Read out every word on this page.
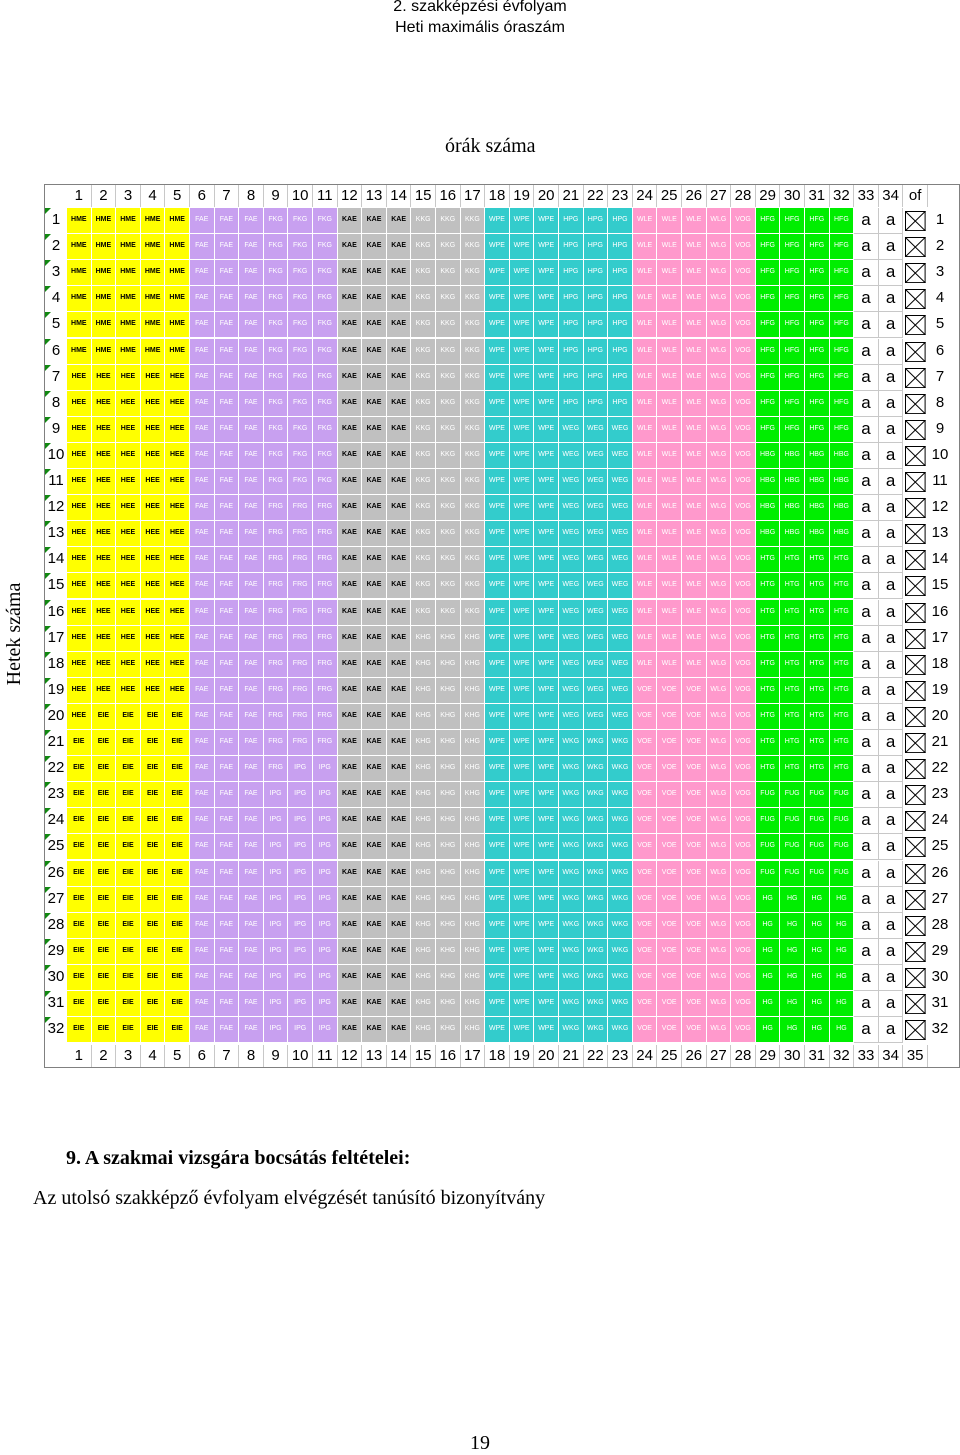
2. szakképzési évfolyam
Heti maximális óraszám
órák száma
Hetek száma
1	2	3	4	5	6	7	8	9 10 11 12 13 14 15 16 17 18 19 20 21 22 23 24 25 26 27 28 29 30 31 32 33 34 of
1	HME	HME	HME	HME	HME	FAE	FAE	FAE	FKG	FKG	FKG	KAE	KAE	KAE	KKG	KKG	KKG	WPE	WPE	WPE	HPG	HPG	HPG	WLE	WLE	WLE	WLG	VOG	HFG	HFG	HFG	HFG a a	1
2	HME	HME	HME	HME	HME	FAE	FAE	FAE	FKG	FKG	FKG	KAE	KAE	KAE	KKG	KKG	KKG	WPE	WPE	WPE	HPG	HPG	HPG	WLE	WLE	WLE	WLG	VOG	HFG	HFG	HFG	HFG a a	2
3	HME	HME	HME	HME	HME	FAE	FAE	FAE	FKG	FKG	FKG	KAE	KAE	KAE	KKG	KKG	KKG	WPE	WPE	WPE	HPG	HPG	HPG	WLE	WLE	WLE	WLG	VOG	HFG	HFG	HFG	HFG a a	3
4	HME	HME	HME	HME	HME	FAE	FAE	FAE	FKG	FKG	FKG	KAE	KAE	KAE	KKG	KKG	KKG	WPE	WPE	WPE	HPG	HPG	HPG	WLE	WLE	WLE	WLG	VOG	HFG	HFG	HFG	HFG a a	4
5	HME	HME	HME	HME	HME	FAE	FAE	FAE	FKG	FKG	FKG	KAE	KAE	KAE	KKG	KKG	KKG	WPE	WPE	WPE	HPG	HPG	HPG	WLE	WLE	WLE	WLG	VOG	HFG	HFG	HFG	HFG a a	5
6	HME	HME	HME	HME	HME	FAE	FAE	FAE	FKG	FKG	FKG	KAE	KAE	KAE	KKG	KKG	KKG	WPE	WPE	WPE	HPG	HPG	HPG	WLE	WLE	WLE	WLG	VOG	HFG	HFG	HFG	HFG a a	6
7	HEE	HEE	HEE	HEE	HEE	FAE	FAE	FAE	FKG	FKG	FKG	KAE	KAE	KAE	KKG	KKG	KKG	WPE	WPE	WPE	HPG	HPG	HPG	WLE	WLE	WLE	WLG	VOG	HFG	HFG	HFG	HFG a a	7
8	HEE	HEE	HEE	HEE	HEE	FAE	FAE	FAE	FKG	FKG	FKG	KAE	KAE	KAE	KKG	KKG	KKG	WPE	WPE	WPE	HPG	HPG	HPG	WLE	WLE	WLE	WLG	VOG	HFG	HFG	HFG	HFG a a	8
9	HEE	HEE	HEE	HEE	HEE	FAE	FAE	FAE	FKG	FKG	FKG	KAE	KAE	KAE	KKG	KKG	KKG	WPE	WPE	WPE	WEG	WEG	WEG	WLE	WLE	WLE	WLG	VOG	HFG	HFG	HFG	HFG a a	9
10	HEE	HEE	HEE	HEE	HEE	FAE	FAE	FAE	FKG	FKG	FKG	KAE	KAE	KAE	KKG	KKG	KKG	WPE	WPE	WPE	WEG	WEG	WEG	WLE	WLE	WLE	WLG	VOG	HBG	HBG	HBG	HBG a a	10
11	HEE	HEE	HEE	HEE	HEE	FAE	FAE	FAE	FKG	FKG	FKG	KAE	KAE	KAE	KKG	KKG	KKG	WPE	WPE	WPE	WEG	WEG	WEG	WLE	WLE	WLE	WLG	VOG	HBG	HBG	HBG	HBG a a	11
12	HEE	HEE	HEE	HEE	HEE	FAE	FAE	FAE	FRG	FRG	FRG	KAE	KAE	KAE	KKG	KKG	KKG	WPE	WPE	WPE	WEG	WEG	WEG	WLE	WLE	WLE	WLG	VOG	HBG	HBG	HBG	HBG a a	12
13	HEE	HEE	HEE	HEE	HEE	FAE	FAE	FAE	FRG	FRG	FRG	KAE	KAE	KAE	KKG	KKG	KKG	WPE	WPE	WPE	WEG	WEG	WEG	WLE	WLE	WLE	WLG	VOG	HBG	HBG	HBG	HBG a a	13
14	HEE	HEE	HEE	HEE	HEE	FAE	FAE	FAE	FRG	FRG	FRG	KAE	KAE	KAE	KKG	KKG	KKG	WPE	WPE	WPE	WEG	WEG	WEG	WLE	WLE	WLE	WLG	VOG	HTG	HTG	HTG	HTG a a	14
15	HEE	HEE	HEE	HEE	HEE	FAE	FAE	FAE	FRG	FRG	FRG	KAE	KAE	KAE	KKG	KKG	KKG	WPE	WPE	WPE	WEG	WEG	WEG	WLE	WLE	WLE	WLG	VOG	HTG	HTG	HTG	HTG a a	15
16	HEE	HEE	HEE	HEE	HEE	FAE	FAE	FAE	FRG	FRG	FRG	KAE	KAE	KAE	KKG	KKG	KKG	WPE	WPE	WPE	WEG	WEG	WEG	WLE	WLE	WLE	WLG	VOG	HTG	HTG	HTG	HTG a a	16
17	HEE	HEE	HEE	HEE	HEE	FAE	FAE	FAE	FRG	FRG	FRG	KAE	KAE	KAE	KHG	KHG	KHG	WPE	WPE	WPE	WEG	WEG	WEG	WLE	WLE	WLE	WLG	VOG	HTG	HTG	HTG	HTG a a	17
18	HEE	HEE	HEE	HEE	HEE	FAE	FAE	FAE	FRG	FRG	FRG	KAE	KAE	KAE	KHG	KHG	KHG	WPE	WPE	WPE	WEG	WEG	WEG	WLE	WLE	WLE	WLG	VOG	HTG	HTG	HTG	HTG a a	18
19	HEE	HEE	HEE	HEE	HEE	FAE	FAE	FAE	FRG	FRG	FRG	KAE	KAE	KAE	KHG	KHG	KHG	WPE	WPE	WPE	WEG	WEG	WEG	VOE	VOE	VOE	WLG	VOG	HTG	HTG	HTG	HTG a a	19
20	HEE	EIE	EIE	EIE	EIE	FAE	FAE	FAE	FRG	FRG	FRG	KAE	KAE	KAE	KHG	KHG	KHG	WPE	WPE	WPE	WEG	WEG	WEG	VOE	VOE	VOE	WLG	VOG	HTG	HTG	HTG	HTG a a	20
21	EIE	EIE	EIE	EIE	EIE	FAE	FAE	FAE	FRG	FRG	FRG	KAE	KAE	KAE	KHG	KHG	KHG	WPE	WPE	WPE	WKG	WKG	WKG	VOE	VOE	VOE	WLG	VOG	HTG	HTG	HTG	HTG a a	21
22	EIE	EIE	EIE	EIE	EIE	FAE	FAE	FAE	FRG	IPG	IPG	KAE	KAE	KAE	KHG	KHG	KHG	WPE	WPE	WPE	WKG	WKG	WKG	VOE	VOE	VOE	WLG	VOG	HTG	HTG	HTG	HTG a a	22
23	EIE	EIE	EIE	EIE	EIE	FAE	FAE	FAE	IPG	IPG	IPG	KAE	KAE	KAE	KHG	KHG	KHG	WPE	WPE	WPE	WKG	WKG	WKG	VOE	VOE	VOE	WLG	VOG	FUG	FUG	FUG	FUG a a	23
24	EIE	EIE	EIE	EIE	EIE	FAE	FAE	FAE	IPG	IPG	IPG	KAE	KAE	KAE	KHG	KHG	KHG	WPE	WPE	WPE	WKG	WKG	WKG	VOE	VOE	VOE	WLG	VOG	FUG	FUG	FUG	FUG a a	24
25	EIE	EIE	EIE	EIE	EIE	FAE	FAE	FAE	IPG	IPG	IPG	KAE	KAE	KAE	KHG	KHG	KHG	WPE	WPE	WPE	WKG	WKG	WKG	VOE	VOE	VOE	WLG	VOG	FUG	FUG	FUG	FUG a a	25
26	EIE	EIE	EIE	EIE	EIE	FAE	FAE	FAE	IPG	IPG	IPG	KAE	KAE	KAE	KHG	KHG	KHG	WPE	WPE	WPE	WKG	WKG	WKG	VOE	VOE	VOE	WLG	VOG	FUG	FUG	FUG	FUG a a	26
27	EIE	EIE	EIE	EIE	EIE	FAE	FAE	FAE	IPG	IPG	IPG	KAE	KAE	KAE	KHG	KHG	KHG	WPE	WPE	WPE	WKG	WKG	WKG	VOE	VOE	VOE	WLG	VOG	HG	HG	HG	HG a a	27
28	EIE	EIE	EIE	EIE	EIE	FAE	FAE	FAE	IPG	IPG	IPG	KAE	KAE	KAE	KHG	KHG	KHG	WPE	WPE	WPE	WKG	WKG	WKG	VOE	VOE	VOE	WLG	VOG	HG	HG	HG	HG a a	28
29	EIE	EIE	EIE	EIE	EIE	FAE	FAE	FAE	IPG	IPG	IPG	KAE	KAE	KAE	KHG	KHG	KHG	WPE	WPE	WPE	WKG	WKG	WKG	VOE	VOE	VOE	WLG	VOG	HG	HG	HG	HG a a	29
30	EIE	EIE	EIE	EIE	EIE	FAE	FAE	FAE	IPG	IPG	IPG	KAE	KAE	KAE	KHG	KHG	KHG	WPE	WPE	WPE	WKG	WKG	WKG	VOE	VOE	VOE	WLG	VOG	HG	HG	HG	HG a a	30
31	EIE	EIE	EIE	EIE	EIE	FAE	FAE	FAE	IPG	IPG	IPG	KAE	KAE	KAE	KHG	KHG	KHG	WPE	WPE	WPE	WKG	WKG	WKG	VOE	VOE	VOE	WLG	VOG	HG	HG	HG	HG a a	31
32	EIE	EIE	EIE	EIE	EIE	FAE	FAE	FAE	IPG	IPG	IPG	KAE	KAE	KAE	KHG	KHG	KHG	WPE	WPE	WPE	WKG	WKG	WKG	VOE	VOE	VOE	WLG	VOG	HG	HG	HG	HG a a	32
1	2	3	4	5	6	7	8	9 10 11 12 13 14 15 16 17 18 19 20 21 22 23 24 25 26 27 28 29 30 31 32 33 34 35
9. A szakmai vizsgára bocsátás feltételei:
Az utolsó szakképző évfolyam elvégzését tanúsító bizonyítvány
19
